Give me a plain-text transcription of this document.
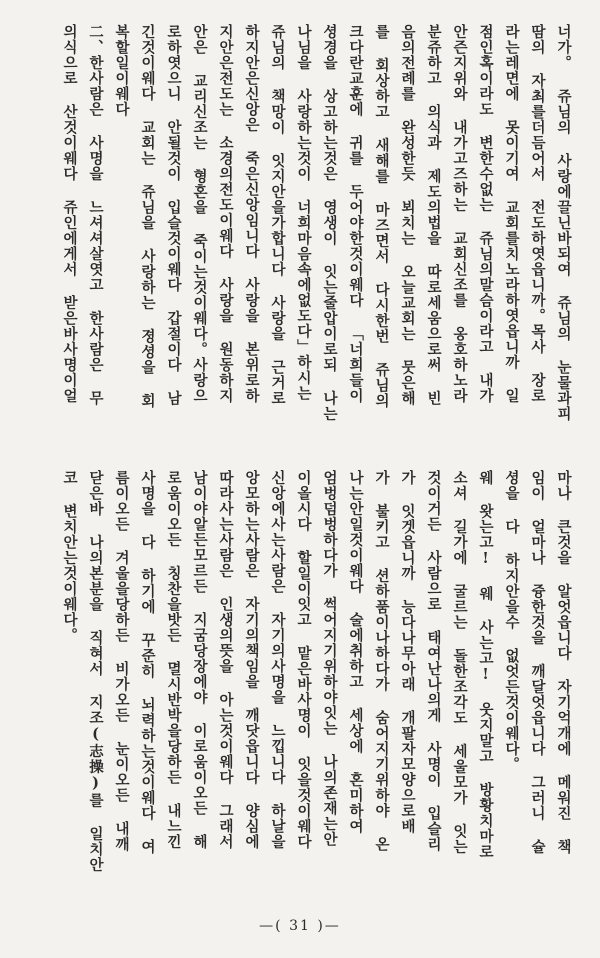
너가。 쥬님의 사랑에끌닌바되여 쥬님의 눈물과피
땀의 자최를더듬어서 전도하엿읍니까。목사 장로
라는레면에 못이기여 교회를치노라하엿읍니까 일
점인혹이라도 변한수없는 쥬님의말슴이라고 내가
안즌지위와 내가고즈하는 교회신조를 옹호하노라
분쥬하고 의식과 제도의법을 따로세움으로써 빈
음의전례를 완성한듯 뵈치는 오늘교회는 뭇은해
를 회상하고 새해를 마즈면서 다시한번 쥬님의
크다란교훈에 귀를 두어야한것이웨다 「너희들이
셩경을 상고하는것은 영생이 잇는줄압이로되 나는
나님을 사랑하는것이 너희마음속에없도다」하시는
쥬님의 책망이 잇지안을가합니다 사랑을 근거로
하지안은신앙은 죽은신앙임니다 사랑을 본위로하
지안은전도는 소경의전도이웨다 사랑을 원동하지
안은 교리신조는 형혼을 죽이는것이웨다。사랑으
로하엿으니 안될것이 입슬것이웨다 갑절이다 남
긴것이웨다 교회는 쥬님을 사랑하는 졍셩을 회
복할일이웨다
二、한사람은 사명을 느셔셔살엿고 한사람은 무
의식으로 산것이웨다 쥬인에게서 받은바사명이얼
마나 큰것을 알엇읍니다 자기억개에 메워진 책
임이 얼마나 즁한것을 깨달엇읍니다 그러니 슐
셩을 다 하지안을수 없엇든것이웨다。
웨 왓는고! 웨 사는고! 웃지말고 방황치마로
소셔 길가에 굴르는 돌한조각도 세울모가 잇는
것이거든 사람으로 태여난나의게 사명이 입슬리
가 잇겟읍니까 능다나무아래 개팔자모양으로배
가 불키고 션하품이나하다가 숨어지기위하야 온
나는안일것이웨다 술에취하고 세상에 혼미하여
엄벙덤벙하다가 썩어지기위하야잇는 나의존재는안
이올시다 할일이잇고 맡은바사명이 잇을것이웨다
신앙에사는사람은 자기의사명을 느낍니다 하날을
앙모하는사람은 자기의책임을 깨닷읍니다 양심에
따라사는사람은 인생의뜻을 아는것이웨다 그래서
남이야알든모르든 지굼당장에야 이로움이오든 해
로움이오든 칭찬을밧든 멸시반박을당하든 내느낀
사명을 다 하기에 꾸준히 뇌력하는것이웨다 여
름이오든 겨울을당하든 비가오든 눈이오든 내깨
닫은바 나의본분을 직혀서 지조(志操)를 일치안
코 변치안는것이웨다。
—( 31 )—
